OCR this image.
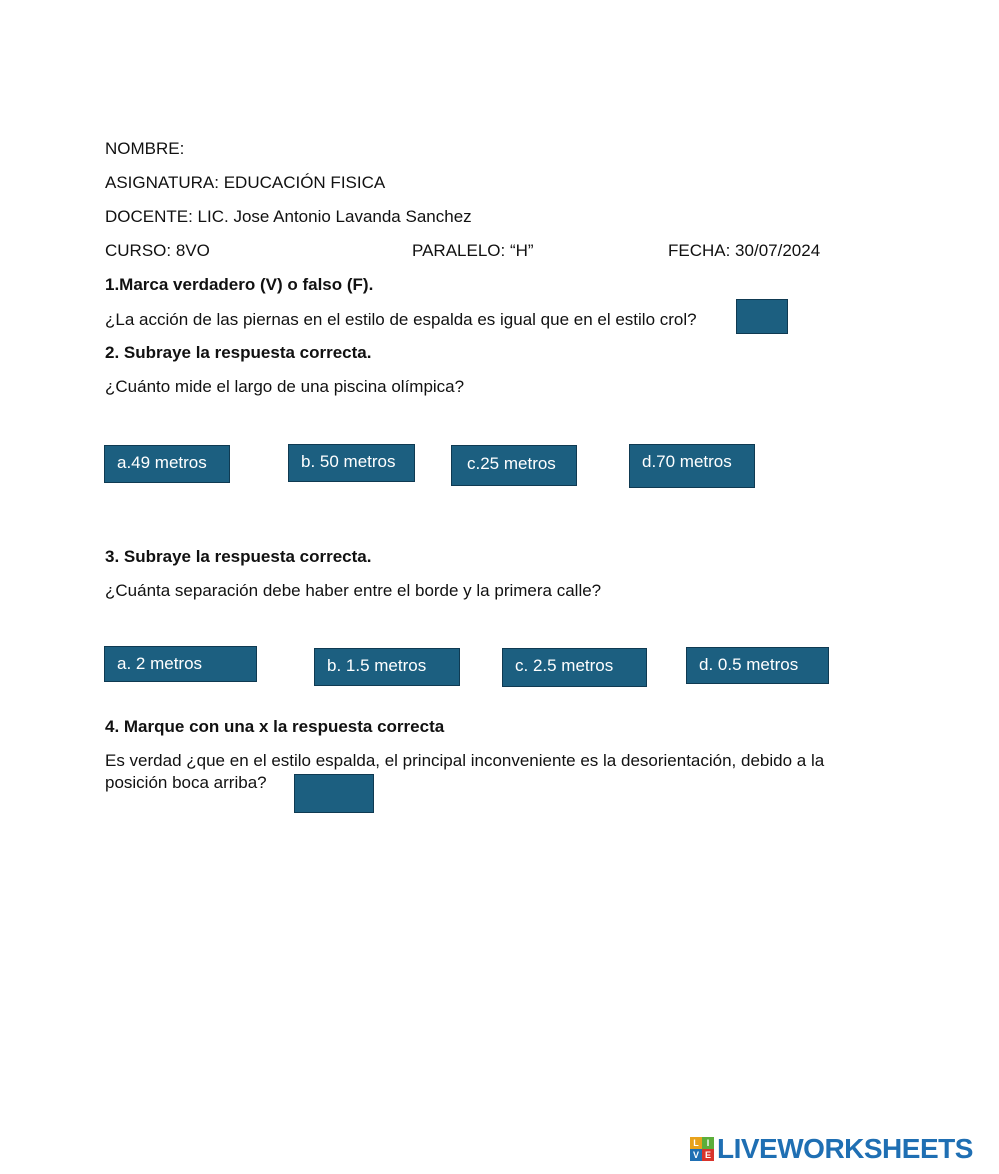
NOMBRE:
ASIGNATURA: EDUCACIÓN FISICA
DOCENTE: LIC. Jose Antonio Lavanda Sanchez
CURSO: 8VO	PARALELO: “H”	FECHA: 30/07/2024
1.Marca verdadero (V) o falso (F).
¿La acción de las piernas en el estilo de espalda es igual que en el estilo crol?
2. Subraye la respuesta correcta.
¿Cuánto mide el largo de una piscina olímpica?
a.49 metros	b. 50 metros	c.25 metros	d.70 metros
3. Subraye la respuesta correcta.
¿Cuánta separación debe haber entre el borde y la primera calle?
a. 2 metros	b. 1.5 metros	c. 2.5 metros	d. 0.5 metros
4. Marque con una x la respuesta correcta
Es verdad ¿que en el estilo espalda, el principal inconveniente es la desorientación, debido a la
posición boca arriba?
L I
V E LIVEWORKSHEETS
